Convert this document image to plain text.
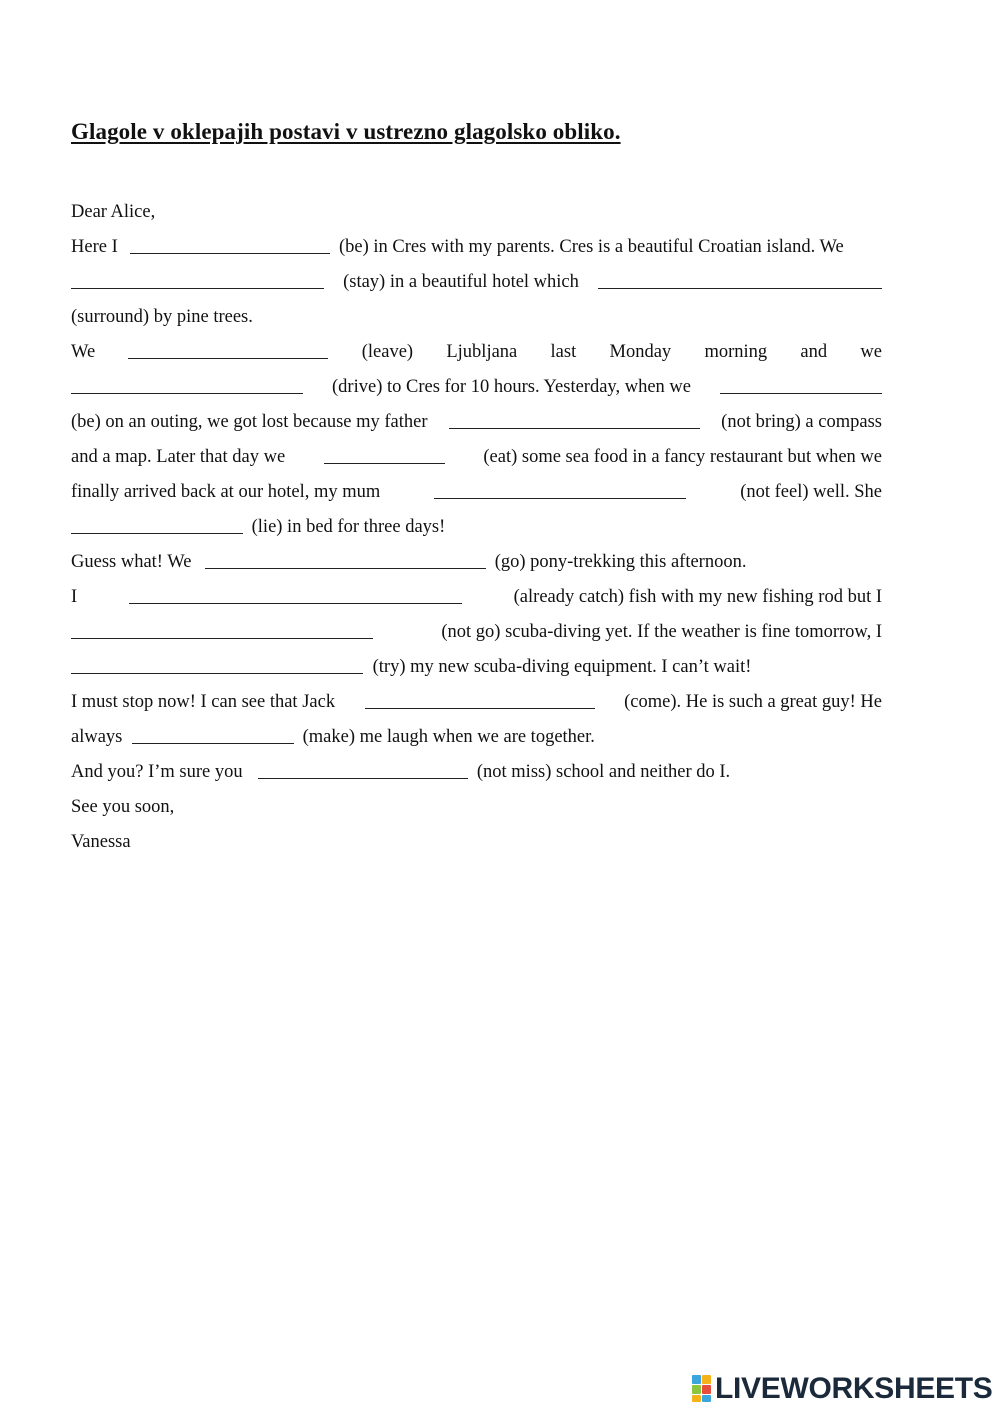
Glagole v oklepajih postavi v ustrezno glagolsko obliko.
Dear Alice,
Here I	(be) in Cres with my parents. Cres is a beautiful Croatian island. We
(stay) in a beautiful hotel which
(surround) by pine trees.
We	(leave) Ljubljana last Monday morning and we
(drive) to Cres for 10 hours. Yesterday, when we
(be) on an outing, we got lost because my father	(not bring) a compass
and a map. Later that day we	(eat) some sea food in a fancy restaurant but when we
finally arrived back at our hotel, my mum	(not feel) well. She
(lie) in bed for three days!
Guess what! We	(go) pony-trekking this afternoon.
I	(already catch) fish with my new fishing rod but I
(not go) scuba-diving yet. If the weather is fine tomorrow, I
(try) my new scuba-diving equipment. I can’t wait!
I must stop now! I can see that Jack	(come). He is such a great guy! He
always	(make) me laugh when we are together.
And you? I’m sure you	(not miss) school and neither do I.
See you soon,
Vanessa
LIVEWORKSHEETS
